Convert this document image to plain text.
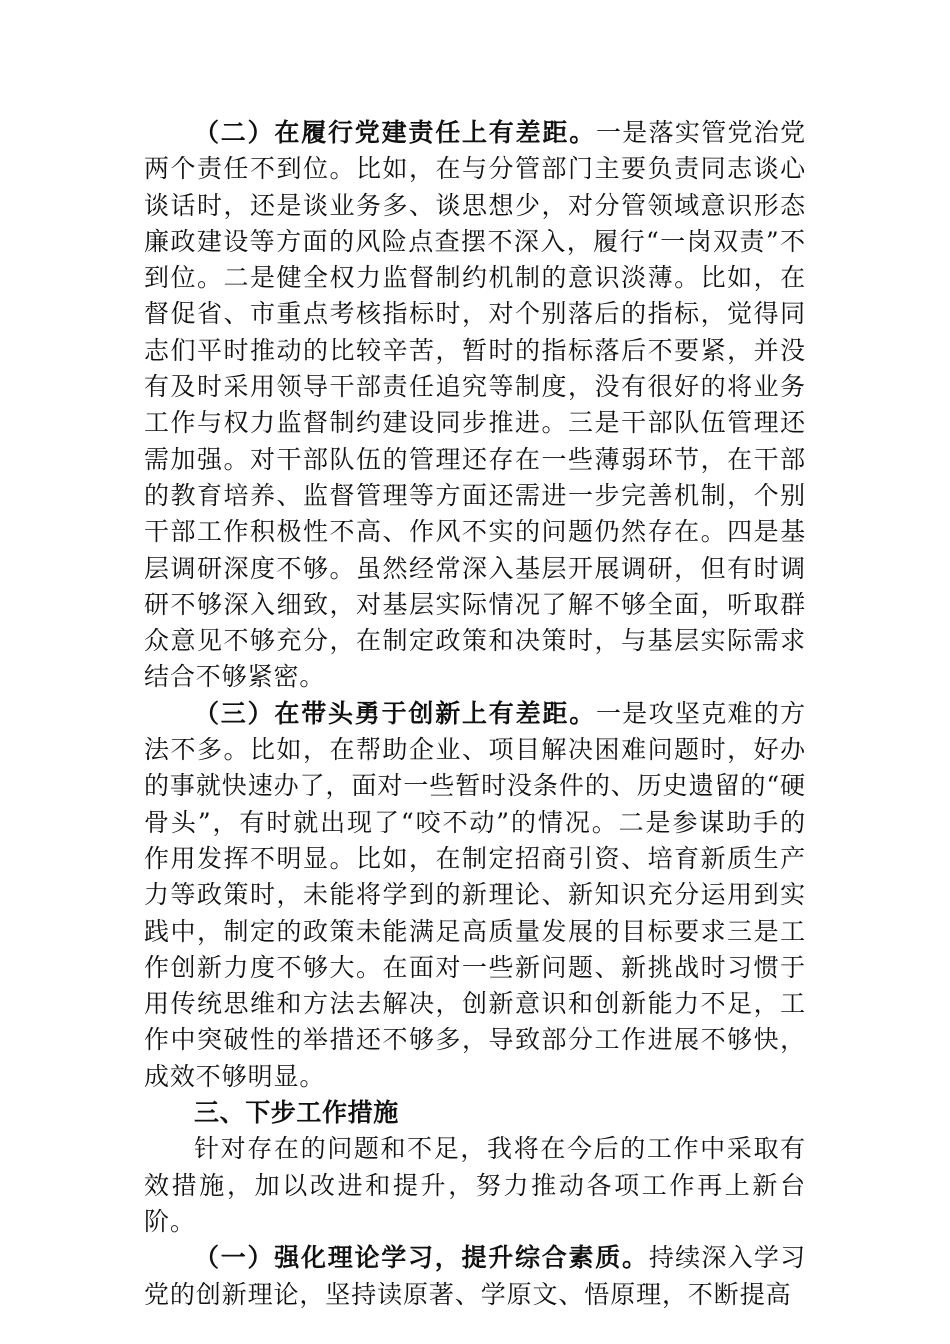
（二）在履行党建责任上有差距。一是落实管党治党两个责任不到位。比如，在与分管部门主要负责同志谈心谈话时，还是谈业务多、谈思想少，对分管领域意识形态廉政建设等方面的风险点查摆不深入，履行“一岗双责”不到位。二是健全权力监督制约机制的意识淡薄。比如，在督促省、市重点考核指标时，对个别落后的指标，觉得同志们平时推动的比较辛苦，暂时的指标落后不要紧，并没有及时采用领导干部责任追究等制度，没有很好的将业务工作与权力监督制约建设同步推进。三是干部队伍管理还需加强。对干部队伍的管理还存在一些薄弱环节，在干部的教育培养、监督管理等方面还需进一步完善机制，个别干部工作积极性不高、作风不实的问题仍然存在。四是基层调研深度不够。虽然经常深入基层开展调研，但有时调研不够深入细致，对基层实际情况了解不够全面，听取群众意见不够充分，在制定政策和决策时，与基层实际需求结合不够紧密。

（三）在带头勇于创新上有差距。一是攻坚克难的方法不多。比如，在帮助企业、项目解决困难问题时，好办的事就快速办了，面对一些暂时没条件的、历史遗留的“硬骨头”，有时就出现了“咬不动”的情况。二是参谋助手的作用发挥不明显。比如，在制定招商引资、培育新质生产力等政策时，未能将学到的新理论、新知识充分运用到实践中，制定的政策未能满足高质量发展的目标要求三是工作创新力度不够大。在面对一些新问题、新挑战时习惯于用传统思维和方法去解决，创新意识和创新能力不足，工作中突破性的举措还不够多，导致部分工作进展不够快，成效不够明显。

三、下步工作措施

针对存在的问题和不足，我将在今后的工作中采取有效措施，加以改进和提升，努力推动各项工作再上新台阶。

（一）强化理论学习，提升综合素质。持续深入学习党的创新理论，坚持读原著、学原文、悟原理，不断提高
